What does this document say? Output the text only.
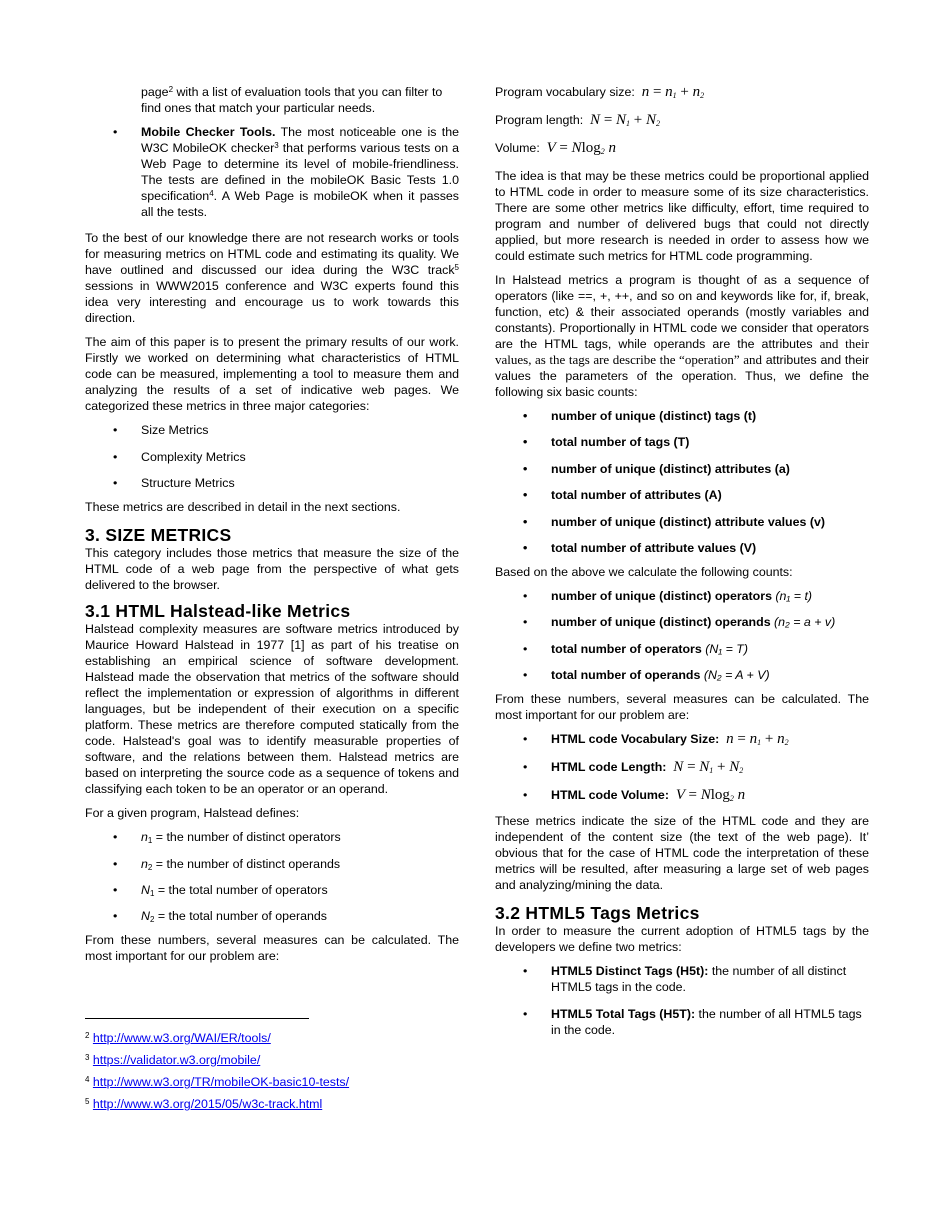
page$^2$ with a list of evaluation tools that you can filter to find ones that match your particular needs.

• Mobile Checker Tools. The most noticeable one is the W3C MobileOK checker$^3$ that performs various tests on a Web Page to determine its level of mobile-friendliness. The tests are defined in the mobileOK Basic Tests 1.0 specification$^4$. A Web Page is mobileOK when it passes all the tests.

To the best of our knowledge there are not research works or tools for measuring metrics on HTML code and estimating its quality. We have outlined and discussed our idea during the W3C track$^5$ sessions in WWW2015 conference and W3C experts found this idea very interesting and encourage us to work towards this direction.

The aim of this paper is to present the primary results of our work. Firstly we worked on determining what characteristics of HTML code can be measured, implementing a tool to measure them and analyzing the results of a set of indicative web pages. We categorized these metrics in three major categories:

• Size Metrics
• Complexity Metrics
• Structure Metrics

These metrics are described in detail in the next sections.

3. SIZE METRICS

This category includes those metrics that measure the size of the HTML code of a web page from the perspective of what gets delivered to the browser.

3.1 HTML Halstead-like Metrics

Halstead complexity measures are software metrics introduced by Maurice Howard Halstead in 1977 [1] as part of his treatise on establishing an empirical science of software development. Halstead made the observation that metrics of the software should reflect the implementation or expression of algorithms in different languages, but be independent of their execution on a specific platform. These metrics are therefore computed statically from the code. Halstead's goal was to identify measurable properties of software, and the relations between them. Halstead metrics are based on interpreting the source code as a sequence of tokens and classifying each token to be an operator or an operand.

For a given program, Halstead defines:

• $n_1$ = the number of distinct operators
• $n_2$ = the number of distinct operands
• $N_1$ = the total number of operators
• $N_2$ = the total number of operands

From these numbers, several measures can be calculated. The most important for our problem are:

Program vocabulary size: $n = n_1 + n_2$
Program length: $N = N_1 + N_2$
Volume: V = Nlog$_2$ n

The idea is that may be these metrics could be proportional applied to HTML code in order to measure some of its size characteristics. There are some other metrics like difficulty, effort, time required to program and number of delivered bugs that could not directly applied, but more research is needed in order to assess how we could estimate such metrics for HTML code programming.

In Halstead metrics a program is thought of as a sequence of operators (like ==, +, ++, and so on and keywords like for, if, break, function, etc) & their associated operands (mostly variables and constants). Proportionally in HTML code we consider that operators are the HTML tags, while operands are the attributes and their values, as the tags are describe the “operation” and attributes and their values the parameters of the operation. Thus, we define the following six basic counts:

• number of unique (distinct) tags (t)
• total number of tags (T)
• number of unique (distinct) attributes (a)
• total number of attributes (A)
• number of unique (distinct) attribute values (v)
• total number of attribute values (V)

Based on the above we calculate the following counts:

• number of unique (distinct) operators (n₁ = t)
• number of unique (distinct) operands (n₂ = a + v)
• total number of operators (N₁ = T)
• total number of operands (N₂ = A + V)

From these numbers, several measures can be calculated. The most important for our problem are:

• HTML code Vocabulary Size: $n = n_1 + n_2$
• HTML code Length: $N = N_1 + N_2$
• HTML code Volume: V = Nlog$_2$ n

These metrics indicate the size of the HTML code and they are independent of the content size (the text of the web page). It’ obvious that for the case of HTML code the interpretation of these metrics will be resulted, after measuring a large set of web pages and analyzing/mining the data.

3.2 HTML5 Tags Metrics

In order to measure the current adoption of HTML5 tags by the developers we define two metrics:

• HTML5 Distinct Tags (H5t): the number of all distinct HTML5 tags in the code.
• HTML5 Total Tags (H5T): the number of all HTML5 tags in the code.
$^2$ http://www.w3.org/WAI/ER/tools/
$^3$ https://validator.w3.org/mobile/
$^4$ http://www.w3.org/TR/mobileOK-basic10-tests/
$^5$ http://www.w3.org/2015/05/w3c-track.html
